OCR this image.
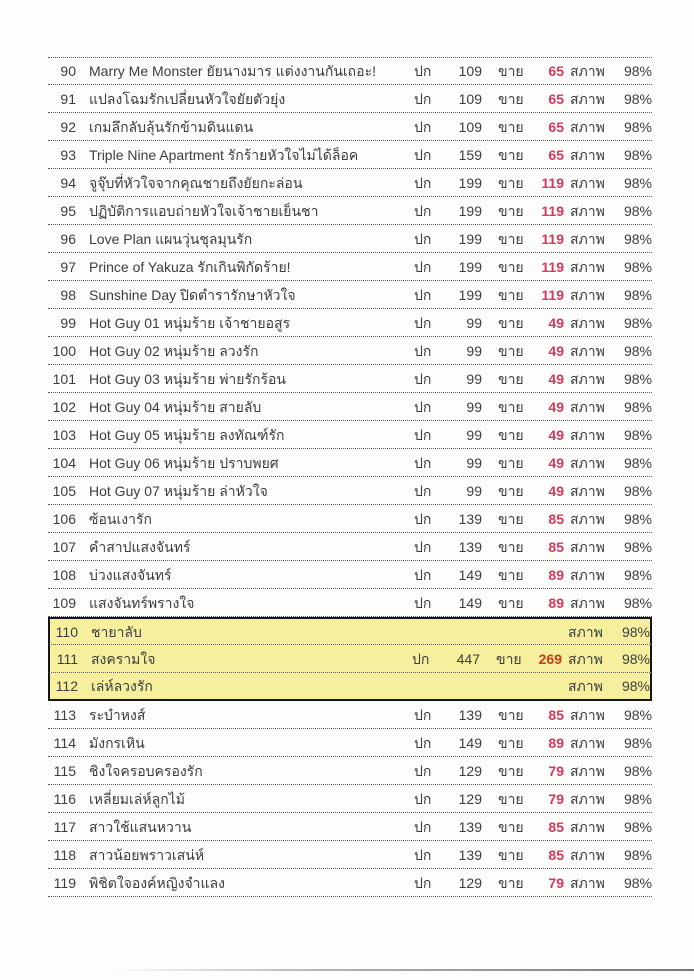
90 Marry Me Monster ยัยนางมาร แต่งงานกันเถอะ!	ปก	109 ขาย	65 สภาพ	98%
91 แปลงโฉมรักเปลี่ยนหัวใจยัยตัวยุ่ง	ปก	109 ขาย	65 สภาพ	98%
92 เกมลึกลับลุ้นรักข้ามดินแดน	ปก	109 ขาย	65 สภาพ	98%
93 Triple Nine Apartment รักร้ายหัวใจไม่ได้ล็อค	ปก	159 ขาย	65 สภาพ	98%
94 จูจุ๊บที่หัวใจจากคุณชายถึงยัยกะล่อน	ปก	199 ขาย	119 สภาพ	98%
95 ปฏิบัติการแอบถ่ายหัวใจเจ้าชายเย็นชา	ปก	199 ขาย	119 สภาพ	98%
96 Love Plan แผนวุ่นชุลมุนรัก	ปก	199 ขาย	119 สภาพ	98%
97 Prince of Yakuza รักเกินพิกัดร้าย!	ปก	199 ขาย	119 สภาพ	98%
98 Sunshine Day ปิดตำรารักษาหัวใจ	ปก	199 ขาย	119 สภาพ	98%
99 Hot Guy 01 หนุ่มร้าย เจ้าชายอสูร	ปก	99 ขาย	49 สภาพ	98%
100 Hot Guy 02 หนุ่มร้าย ลวงรัก	ปก	99 ขาย	49 สภาพ	98%
101 Hot Guy 03 หนุ่มร้าย พ่ายรักร้อน	ปก	99 ขาย	49 สภาพ	98%
102 Hot Guy 04 หนุ่มร้าย สายลับ	ปก	99 ขาย	49 สภาพ	98%
103 Hot Guy 05 หนุ่มร้าย ลงทัณฑ์รัก	ปก	99 ขาย	49 สภาพ	98%
104 Hot Guy 06 หนุ่มร้าย ปราบพยศ	ปก	99 ขาย	49 สภาพ	98%
105 Hot Guy 07 หนุ่มร้าย ล่าหัวใจ	ปก	99 ขาย	49 สภาพ	98%
106 ซ้อนเงารัก	ปก	139 ขาย	85 สภาพ	98%
107 คำสาปแสงจันทร์	ปก	139 ขาย	85 สภาพ	98%
108 บ่วงแสงจันทร์	ปก	149 ขาย	89 สภาพ	98%
109 แสงจันทร์พรางใจ	ปก	149 ขาย	89 สภาพ	98%
110 ชายาลับ	สภาพ	98%
111 สงครามใจ	ปก	447 ขาย	269 สภาพ	98%
112 เล่ห์ลวงรัก	สภาพ	98%
113 ระบำหงส์	ปก	139 ขาย	85 สภาพ	98%
114 มังกรเหิน	ปก	149 ขาย	89 สภาพ	98%
115 ชิงใจครอบครองรัก	ปก	129 ขาย	79 สภาพ	98%
116 เหลี่ยมเล่ห์ลูกไม้	ปก	129 ขาย	79 สภาพ	98%
117 สาวใช้แสนหวาน	ปก	139 ขาย	85 สภาพ	98%
118 สาวน้อยพราวเสน่ห์	ปก	139 ขาย	85 สภาพ	98%
119 พิชิตใจองค์หญิงจำแลง	ปก	129 ขาย	79 สภาพ	98%
